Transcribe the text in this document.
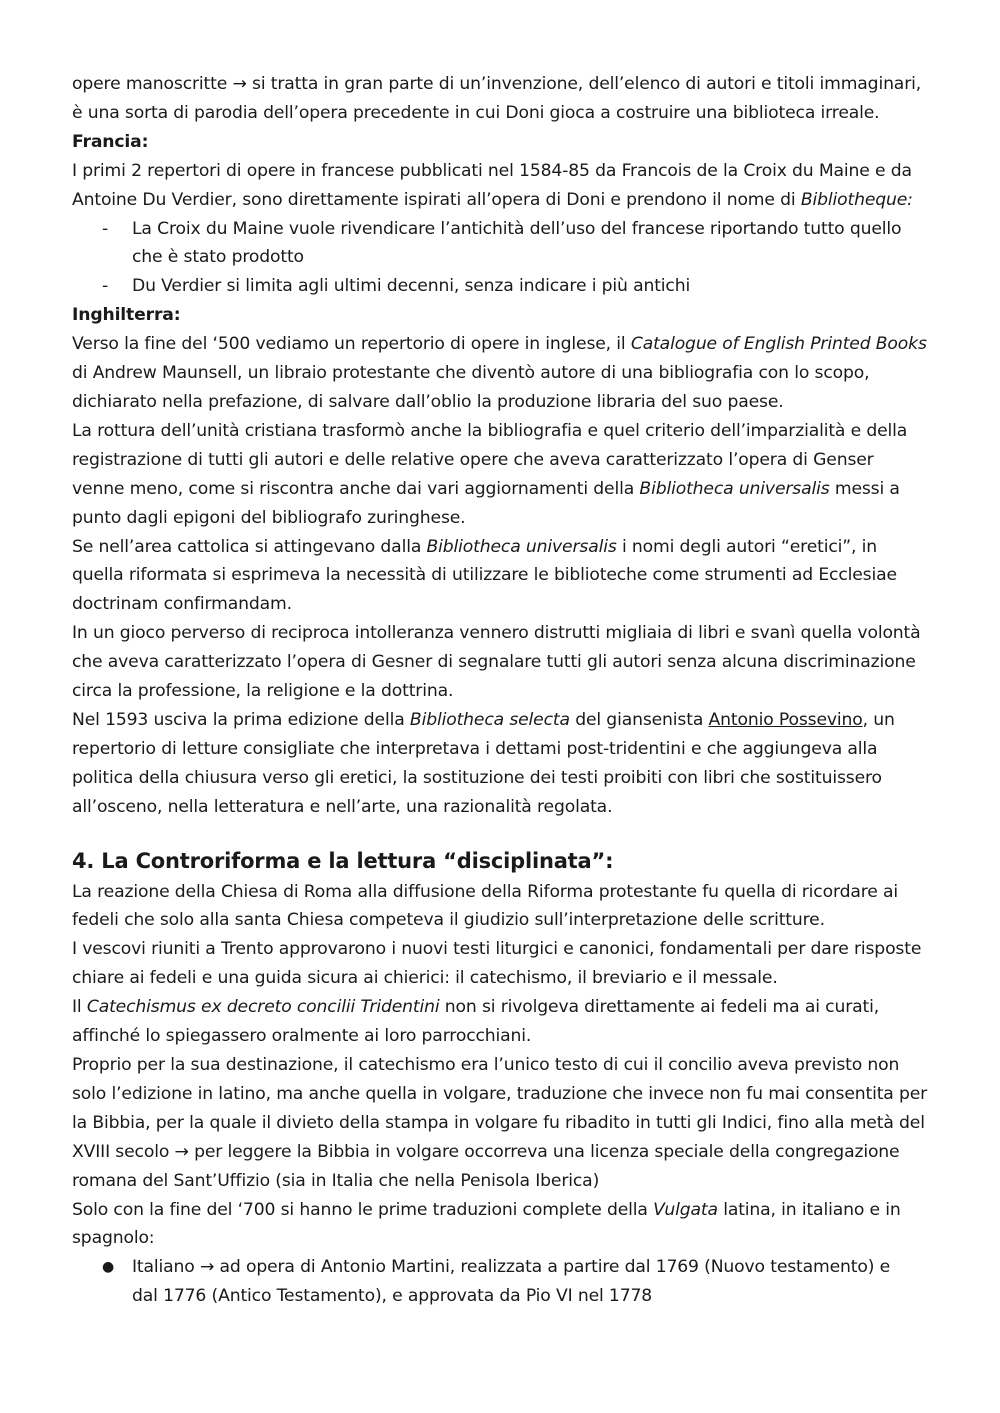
opere manoscritte → si tratta in gran parte di un’invenzione, dell’elenco di autori e titoli immaginari, è una sorta di parodia dell’opera precedente in cui Doni gioca a costruire una biblioteca irreale.

Francia:

I primi 2 repertori di opere in francese pubblicati nel 1584-85 da Francois de la Croix du Maine e da Antoine Du Verdier, sono direttamente ispirati all’opera di Doni e prendono il nome di Bibliotheque:

- La Croix du Maine vuole rivendicare l’antichità dell’uso del francese riportando tutto quello che è stato prodotto
- Du Verdier si limita agli ultimi decenni, senza indicare i più antichi

Inghilterra:

Verso la fine del ‘500 vediamo un repertorio di opere in inglese, il Catalogue of English Printed Books di Andrew Maunsell, un libraio protestante che diventò autore di una bibliografia con lo scopo, dichiarato nella prefazione, di salvare dall’oblio la produzione libraria del suo paese.

La rottura dell’unità cristiana trasformò anche la bibliografia e quel criterio dell’imparzialità e della registrazione di tutti gli autori e delle relative opere che aveva caratterizzato l’opera di Genser venne meno, come si riscontra anche dai vari aggiornamenti della Bibliotheca universalis messi a punto dagli epigoni del bibliografo zuringhese.

Se nell’area cattolica si attingevano dalla Bibliotheca universalis i nomi degli autori “eretici”, in quella riformata si esprimeva la necessità di utilizzare le biblioteche come strumenti ad Ecclesiae doctrinam confirmandam.

In un gioco perverso di reciproca intolleranza vennero distrutti migliaia di libri e svanì quella volontà che aveva caratterizzato l’opera di Gesner di segnalare tutti gli autori senza alcuna discriminazione circa la professione, la religione e la dottrina.

Nel 1593 usciva la prima edizione della Bibliotheca selecta del giansenista Antonio Possevino, un repertorio di letture consigliate che interpretava i dettami post-tridentini e che aggiungeva alla politica della chiusura verso gli eretici, la sostituzione dei testi proibiti con libri che sostituissero all’osceno, nella letteratura e nell’arte, una razionalità regolata.

4. La Controriforma e la lettura “disciplinata”:

La reazione della Chiesa di Roma alla diffusione della Riforma protestante fu quella di ricordare ai fedeli che solo alla santa Chiesa competeva il giudizio sull’interpretazione delle scritture.

I vescovi riuniti a Trento approvarono i nuovi testi liturgici e canonici, fondamentali per dare risposte chiare ai fedeli e una guida sicura ai chierici: il catechismo, il breviario e il messale.

Il Catechismus ex decreto concilii Tridentini non si rivolgeva direttamente ai fedeli ma ai curati, affinché lo spiegassero oralmente ai loro parrocchiani.

Proprio per la sua destinazione, il catechismo era l’unico testo di cui il concilio aveva previsto non solo l’edizione in latino, ma anche quella in volgare, traduzione che invece non fu mai consentita per la Bibbia, per la quale il divieto della stampa in volgare fu ribadito in tutti gli Indici, fino alla metà del XVIII secolo → per leggere la Bibbia in volgare occorreva una licenza speciale della congregazione romana del Sant’Uffizio (sia in Italia che nella Penisola Iberica)

Solo con la fine del ‘700 si hanno le prime traduzioni complete della Vulgata latina, in italiano e in spagnolo:

● Italiano → ad opera di Antonio Martini, realizzata a partire dal 1769 (Nuovo testamento) e
dal 1776 (Antico Testamento), e approvata da Pio VI nel 1778
